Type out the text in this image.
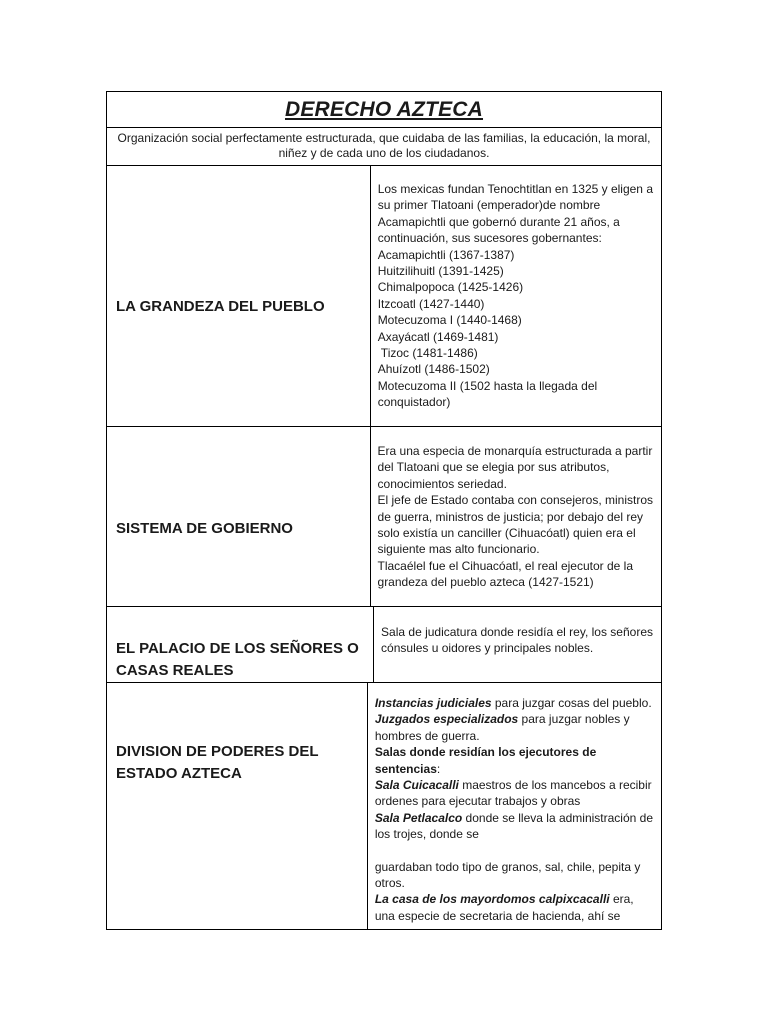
DERECHO AZTECA
Organización social perfectamente estructurada, que cuidaba de las familias, la educación, la moral, niñez y de cada uno de los ciudadanos.
LA GRANDEZA DEL PUEBLO
Los mexicas fundan Tenochtitlan en 1325 y eligen a
su primer Tlatoani (emperador)de nombre
Acamapichtli que gobernó durante 21 años, a
continuación, sus sucesores gobernantes:
Acamapichtli (1367-1387)
Huitzilihuitl (1391-1425)
Chimalpopoca (1425-1426)
Itzcoatl (1427-1440)
Motecuzoma I (1440-1468)
Axayácatl (1469-1481)
Tizoc (1481-1486)
Ahuízotl (1486-1502)
Motecuzoma II (1502 hasta la llegada del
conquistador)
SISTEMA DE GOBIERNO
Era una especia de monarquía estructurada a partir
del Tlatoani que se elegia por sus atributos,
conocimientos seriedad.
El jefe de Estado contaba con consejeros, ministros
de guerra, ministros de justicia; por debajo del rey
solo existía un canciller (Cihuacóatl) quien era el
siguiente mas alto funcionario.
Tlacaélel fue el Cihuacóatl, el real ejecutor de la
grandeza del pueblo azteca (1427-1521)
EL PALACIO DE LOS SEÑORES O CASAS REALES
Sala de judicatura donde residía el rey, los señores
cónsules u oidores y principales nobles.
DIVISION DE PODERES DEL ESTADO AZTECA
Instancias judiciales para juzgar cosas del pueblo.
Juzgados especializados para juzgar nobles y
hombres de guerra.
Salas donde residían los ejecutores de
sentencias:
Sala Cuicacalli maestros de los mancebos a recibir
ordenes para ejecutar trabajos y obras
Sala Petlacalco donde se lleva la administración de
los trojes, donde se
guardaban todo tipo de granos, sal, chile, pepita y
otros.
La casa de los mayordomos calpixcacalli era,
una especie de secretaria de hacienda, ahí se
